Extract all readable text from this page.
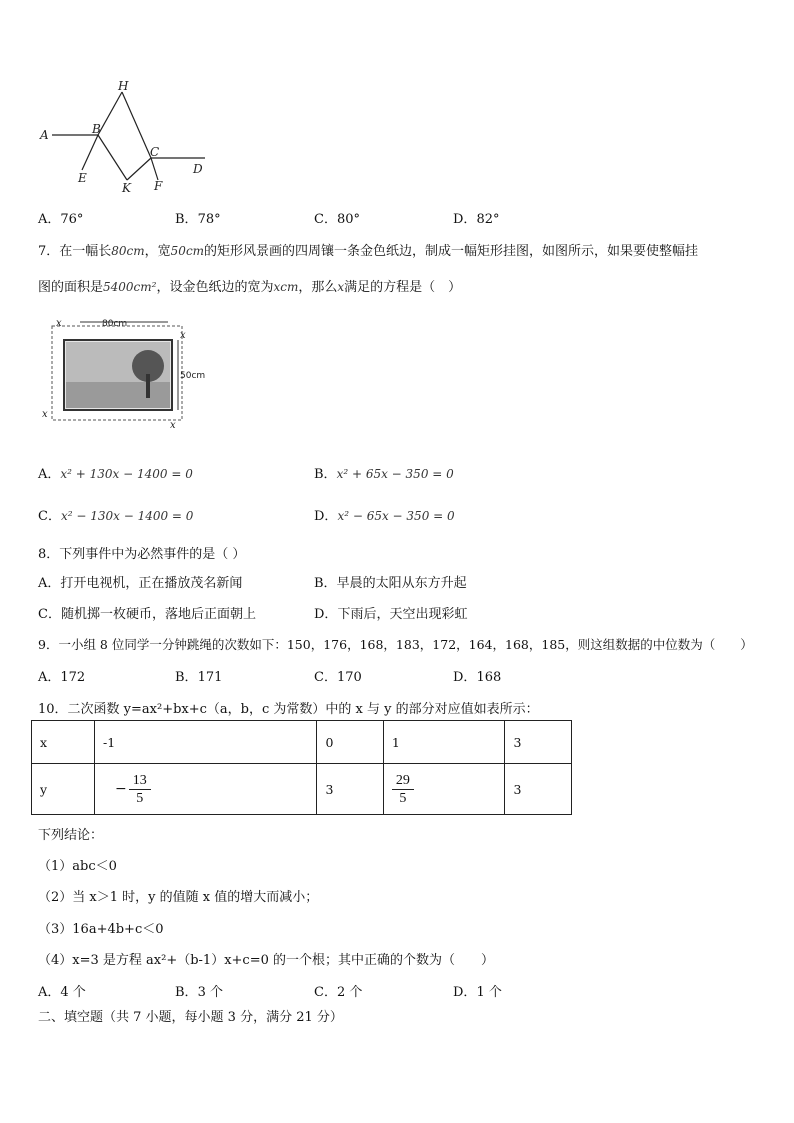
A	B
H
C
D
E
K F
A．76°	B．78°	C．80°	D．82°
7．在一幅长80cm，宽50cm的矩形风景画的四周镶一条金色纸边，制成一幅矩形挂图，如图所示，如果要使整幅挂
图的面积是5400cm²，设金色纸边的宽为xcm，那么x满足的方程是（　）
80cm
50cm
x
x
x
x
A．x² + 130x − 1400 = 0	B．x² + 65x − 350 = 0
C．x² − 130x − 1400 = 0	D．x² − 65x − 350 = 0
8．下列事件中为必然事件的是（ ）
A．打开电视机，正在播放茂名新闻	B．早晨的太阳从东方升起
C．随机掷一枚硬币，落地后正面朝上	D．下雨后，天空出现彩虹
9．一小组 8 位同学一分钟跳绳的次数如下：150，176，168，183，172，164，168，185，则这组数据的中位数为（　　）
A．172	B．171	C．170	D．168
10．二次函数 y=ax²+bx+c（a，b，c 为常数）中的 x 与 y 的部分对应值如表所示：
x	-1	0	1	3
y	− $\frac{13}{5}$	3	$\frac{29}{5}$	3
下列结论：
（1）abc＜0
（2）当 x＞1 时，y 的值随 x 值的增大而减小；
（3）16a+4b+c＜0
（4）x=3 是方程 ax²+（b-1）x+c=0 的一个根；其中正确的个数为（　　）
A．4 个	B．3 个	C．2 个	D．1 个
二、填空题（共 7 小题，每小题 3 分，满分 21 分）
